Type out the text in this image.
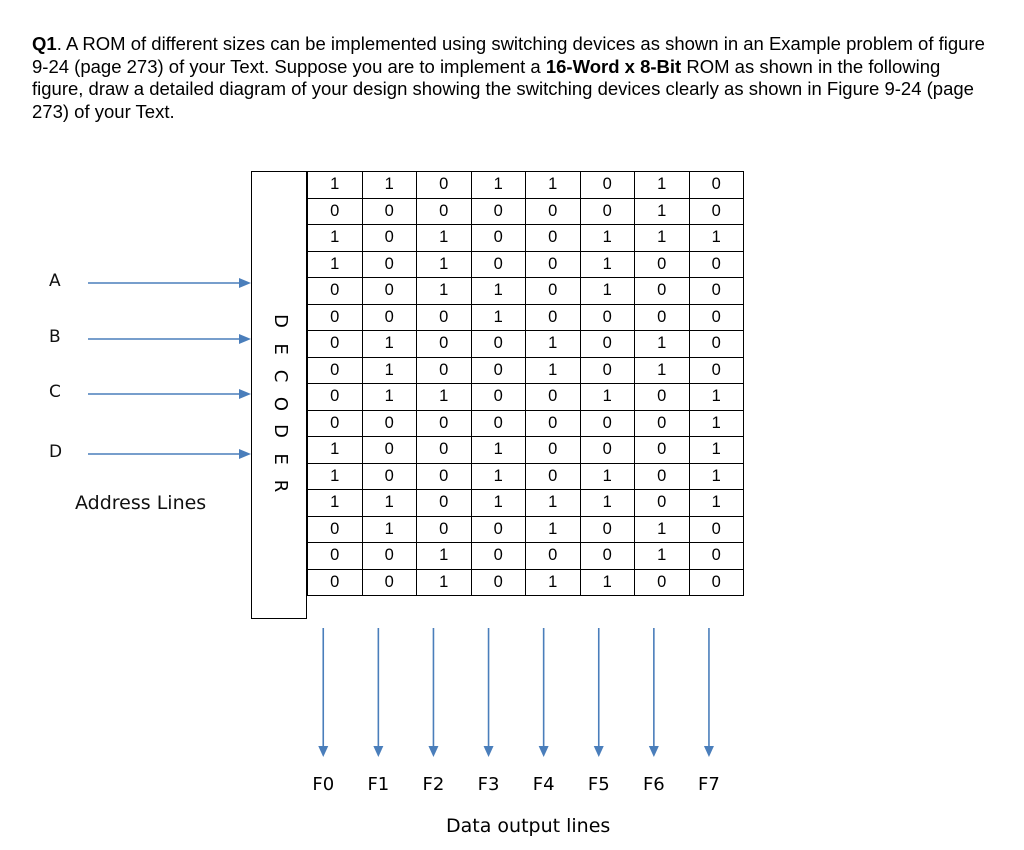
Q1. A ROM of different sizes can be implemented using switching devices as shown in an Example problem of figure 9-24 (page 273) of your Text. Suppose you are to implement a 16-Word x 8-Bit ROM as shown in the following figure, draw a detailed diagram of your design showing the switching devices clearly as shown in Figure 9-24 (page 273) of your Text.
A
B
C
D
Address Lines
D
E
C
O
D
E
R
1	1	0	1	1	0	1	0
0	0	0	0	0	0	1	0
1	0	1	0	0	1	1	1
1	0	1	0	0	1	0	0
0	0	1	1	0	1	0	0
0	0	0	1	0	0	0	0
0	1	0	0	1	0	1	0
0	1	0	0	1	0	1	0
0	1	1	0	0	1	0	1
0	0	0	0	0	0	0	1
1	0	0	1	0	0	0	1
1	0	0	1	0	1	0	1
1	1	0	1	1	1	0	1
0	1	0	0	1	0	1	0
0	0	1	0	0	0	1	0
0	0	1	0	1	1	0	0
F0	F1	F2	F3	F4	F5	F6	F7
Data output lines
